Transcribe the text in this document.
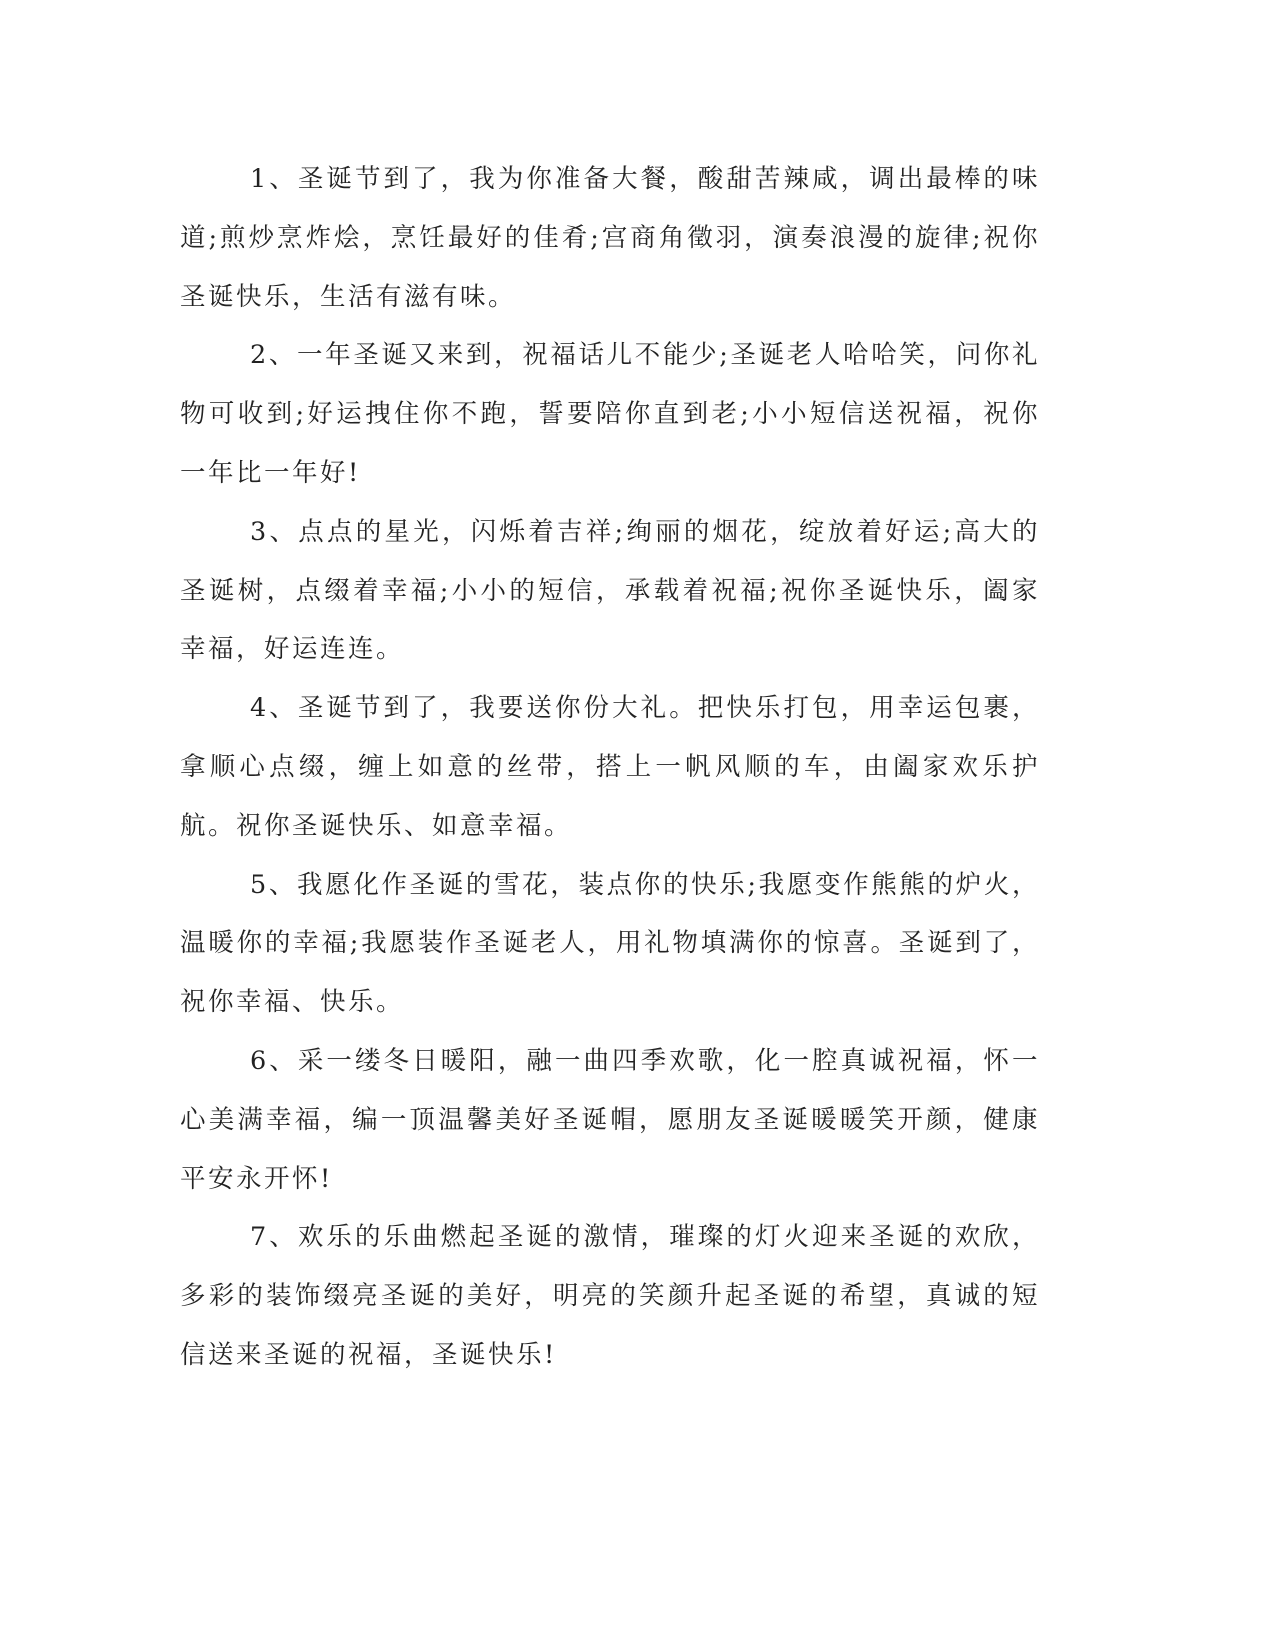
1、圣诞节到了，我为你准备大餐，酸甜苦辣咸，调出最棒的味道;煎炒烹炸烩，烹饪最好的佳肴;宫商角徵羽，演奏浪漫的旋律;祝你圣诞快乐，生活有滋有味。

2、一年圣诞又来到，祝福话儿不能少;圣诞老人哈哈笑，问你礼物可收到;好运拽住你不跑，誓要陪你直到老;小小短信送祝福，祝你一年比一年好!

3、点点的星光，闪烁着吉祥;绚丽的烟花，绽放着好运;高大的圣诞树，点缀着幸福;小小的短信，承载着祝福;祝你圣诞快乐，阖家幸福，好运连连。

4、圣诞节到了，我要送你份大礼。把快乐打包，用幸运包裹，拿顺心点缀，缠上如意的丝带，搭上一帆风顺的车，由阖家欢乐护航。祝你圣诞快乐、如意幸福。

5、我愿化作圣诞的雪花，装点你的快乐;我愿变作熊熊的炉火，温暖你的幸福;我愿装作圣诞老人，用礼物填满你的惊喜。圣诞到了，祝你幸福、快乐。

6、采一缕冬日暖阳，融一曲四季欢歌，化一腔真诚祝福，怀一心美满幸福，编一顶温馨美好圣诞帽，愿朋友圣诞暖暖笑开颜，健康平安永开怀!

7、欢乐的乐曲燃起圣诞的激情，璀璨的灯火迎来圣诞的欢欣，多彩的装饰缀亮圣诞的美好，明亮的笑颜升起圣诞的希望，真诚的短信送来圣诞的祝福，圣诞快乐!
